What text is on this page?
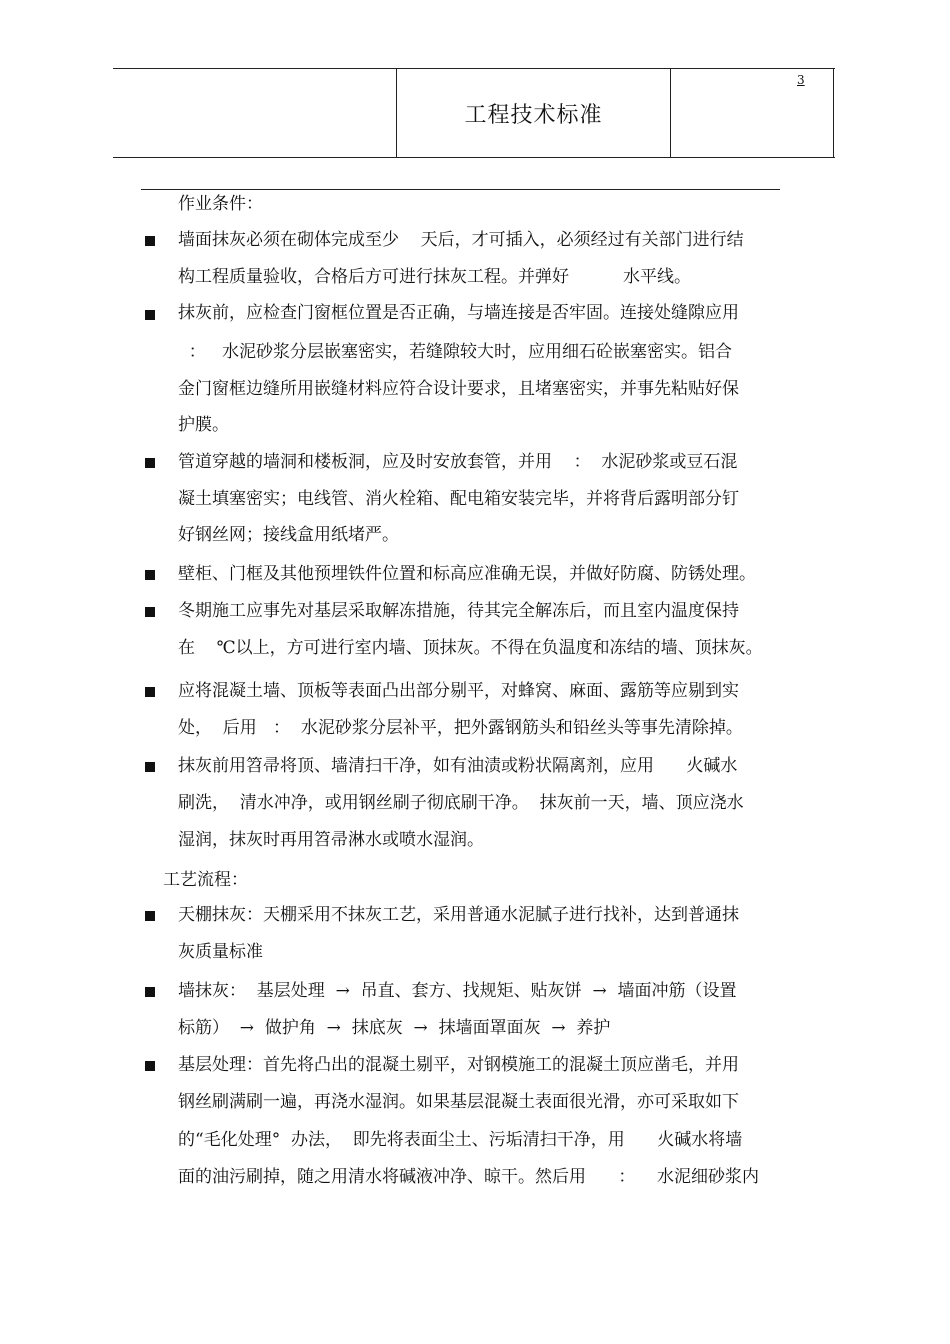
工程技术标准
3
作业条件：
墙面抹灰必须在砌体完成至少    天后，才可插入，必须经过有关部门进行结
构工程质量验收，合格后方可进行抹灰工程。并弹好          水平线。
抹灰前，应检查门窗框位置是否正确，与墙连接是否牢固。连接处缝隙应用
：   水泥砂浆分层嵌塞密实，若缝隙较大时，应用细石砼嵌塞密实。铝合
金门窗框边缝所用嵌缝材料应符合设计要求，且堵塞密实，并事先粘贴好保
护膜。
管道穿越的墙洞和楼板洞，应及时安放套管，并用    ：  水泥砂浆或豆石混
凝土填塞密实；电线管、消火栓箱、配电箱安装完毕，并将背后露明部分钉
好钢丝网；接线盒用纸堵严。
壁柜、门框及其他预埋铁件位置和标高应准确无误，并做好防腐、防锈处理。
冬期施工应事先对基层采取解冻措施，待其完全解冻后，而且室内温度保持
在    ℃以上，方可进行室内墙、顶抹灰。不得在负温度和冻结的墙、顶抹灰。
应将混凝土墙、顶板等表面凸出部分剔平，对蜂窝、麻面、露筋等应剔到实
处，  后用   ：  水泥砂浆分层补平，把外露钢筋头和铅丝头等事先清除掉。
抹灰前用笤帚将顶、墙清扫干净，如有油渍或粉状隔离剂，应用      火碱水
刷洗，  清水冲净，或用钢丝刷子彻底刷干净。  抹灰前一天，墙、顶应浇水
湿润，抹灰时再用笤帚淋水或喷水湿润。
工艺流程：
天棚抹灰：天棚采用不抹灰工艺，采用普通水泥腻子进行找补，达到普通抹
灰质量标准
墙抹灰：  基层处理  →  吊直、套方、找规矩、贴灰饼  →  墙面冲筋（设置
标筋）  →  做护角  →  抹底灰  →  抹墙面罩面灰  →  养护
基层处理：首先将凸出的混凝土剔平，对钢模施工的混凝土顶应凿毛，并用
钢丝刷满刷一遍，再浇水湿润。如果基层混凝土表面很光滑，亦可采取如下
的“毛化处理°  办法，  即先将表面尘土、污垢清扫干净，用      火碱水将墙
面的油污刷掉，随之用清水将碱液冲净、晾干。然后用      ：    水泥细砂浆内
